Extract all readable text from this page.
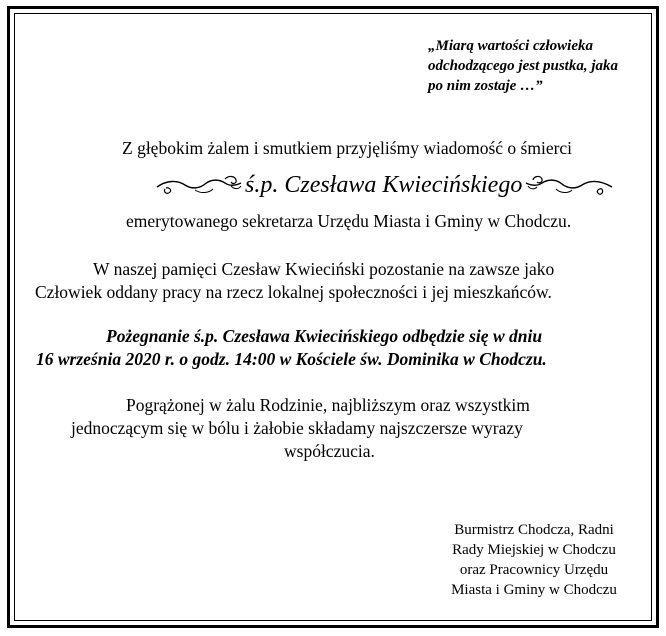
„Miarą wartości człowieka
odchodzącego jest pustka, jaka
po nim zostaje …”
Z głębokim żalem i smutkiem przyjęliśmy wiadomość o śmierci
ś.p. Czesława Kwiecińskiego
emerytowanego sekretarza Urzędu Miasta i Gminy w Chodczu.
W naszej pamięci Czesław Kwieciński pozostanie na zawsze jako
Człowiek oddany pracy na rzecz lokalnej społeczności i jej mieszkańców.
Pożegnanie ś.p. Czesława Kwiecińskiego odbędzie się w dniu
16 września 2020 r. o godz. 14:00 w Kościele św. Dominika w Chodczu.
Pogrążonej w żalu Rodzinie, najbliższym oraz wszystkim
jednoczącym się w bólu i żałobie składamy najszczersze wyrazy
współczucia.
Burmistrz Chodcza, Radni
Rady Miejskiej w Chodczu
oraz Pracownicy Urzędu
Miasta i Gminy w Chodczu
